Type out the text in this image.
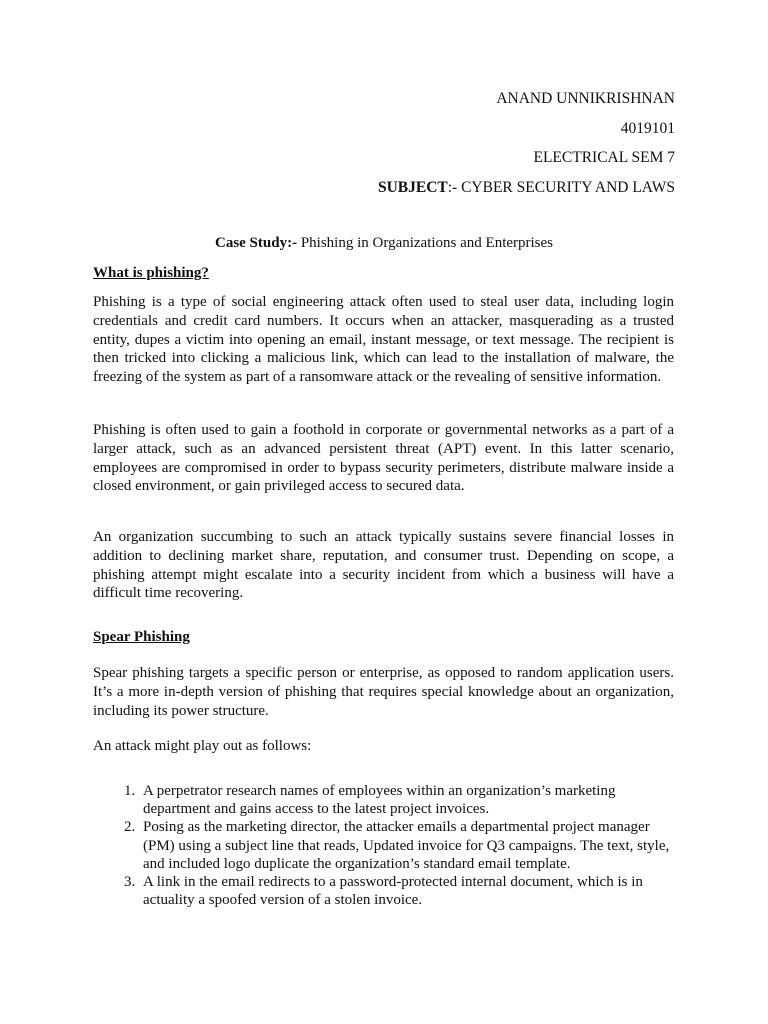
ANAND UNNIKRISHNAN
4019101
ELECTRICAL SEM 7
SUBJECT:- CYBER SECURITY AND LAWS
Case Study:- Phishing in Organizations and Enterprises
What is phishing?

Phishing is a type of social engineering attack often used to steal user data, including login credentials and credit card numbers. It occurs when an attacker, masquerading as a trusted entity, dupes a victim into opening an email, instant message, or text message. The recipient is then tricked into clicking a malicious link, which can lead to the installation of malware, the freezing of the system as part of a ransomware attack or the revealing of sensitive information.

Phishing is often used to gain a foothold in corporate or governmental networks as a part of a larger attack, such as an advanced persistent threat (APT) event. In this latter scenario, employees are compromised in order to bypass security perimeters, distribute malware inside a closed environment, or gain privileged access to secured data.

An organization succumbing to such an attack typically sustains severe financial losses in addition to declining market share, reputation, and consumer trust. Depending on scope, a phishing attempt might escalate into a security incident from which a business will have a difficult time recovering.

Spear Phishing

Spear phishing targets a specific person or enterprise, as opposed to random application users. It’s a more in-depth version of phishing that requires special knowledge about an organization, including its power structure.

An attack might play out as follows:

1. A perpetrator research names of employees within an organization’s marketing department and gains access to the latest project invoices.
2. Posing as the marketing director, the attacker emails a departmental project manager (PM) using a subject line that reads, Updated invoice for Q3 campaigns. The text, style, and included logo duplicate the organization’s standard email template.
3. A link in the email redirects to a password-protected internal document, which is in actuality a spoofed version of a stolen invoice.
